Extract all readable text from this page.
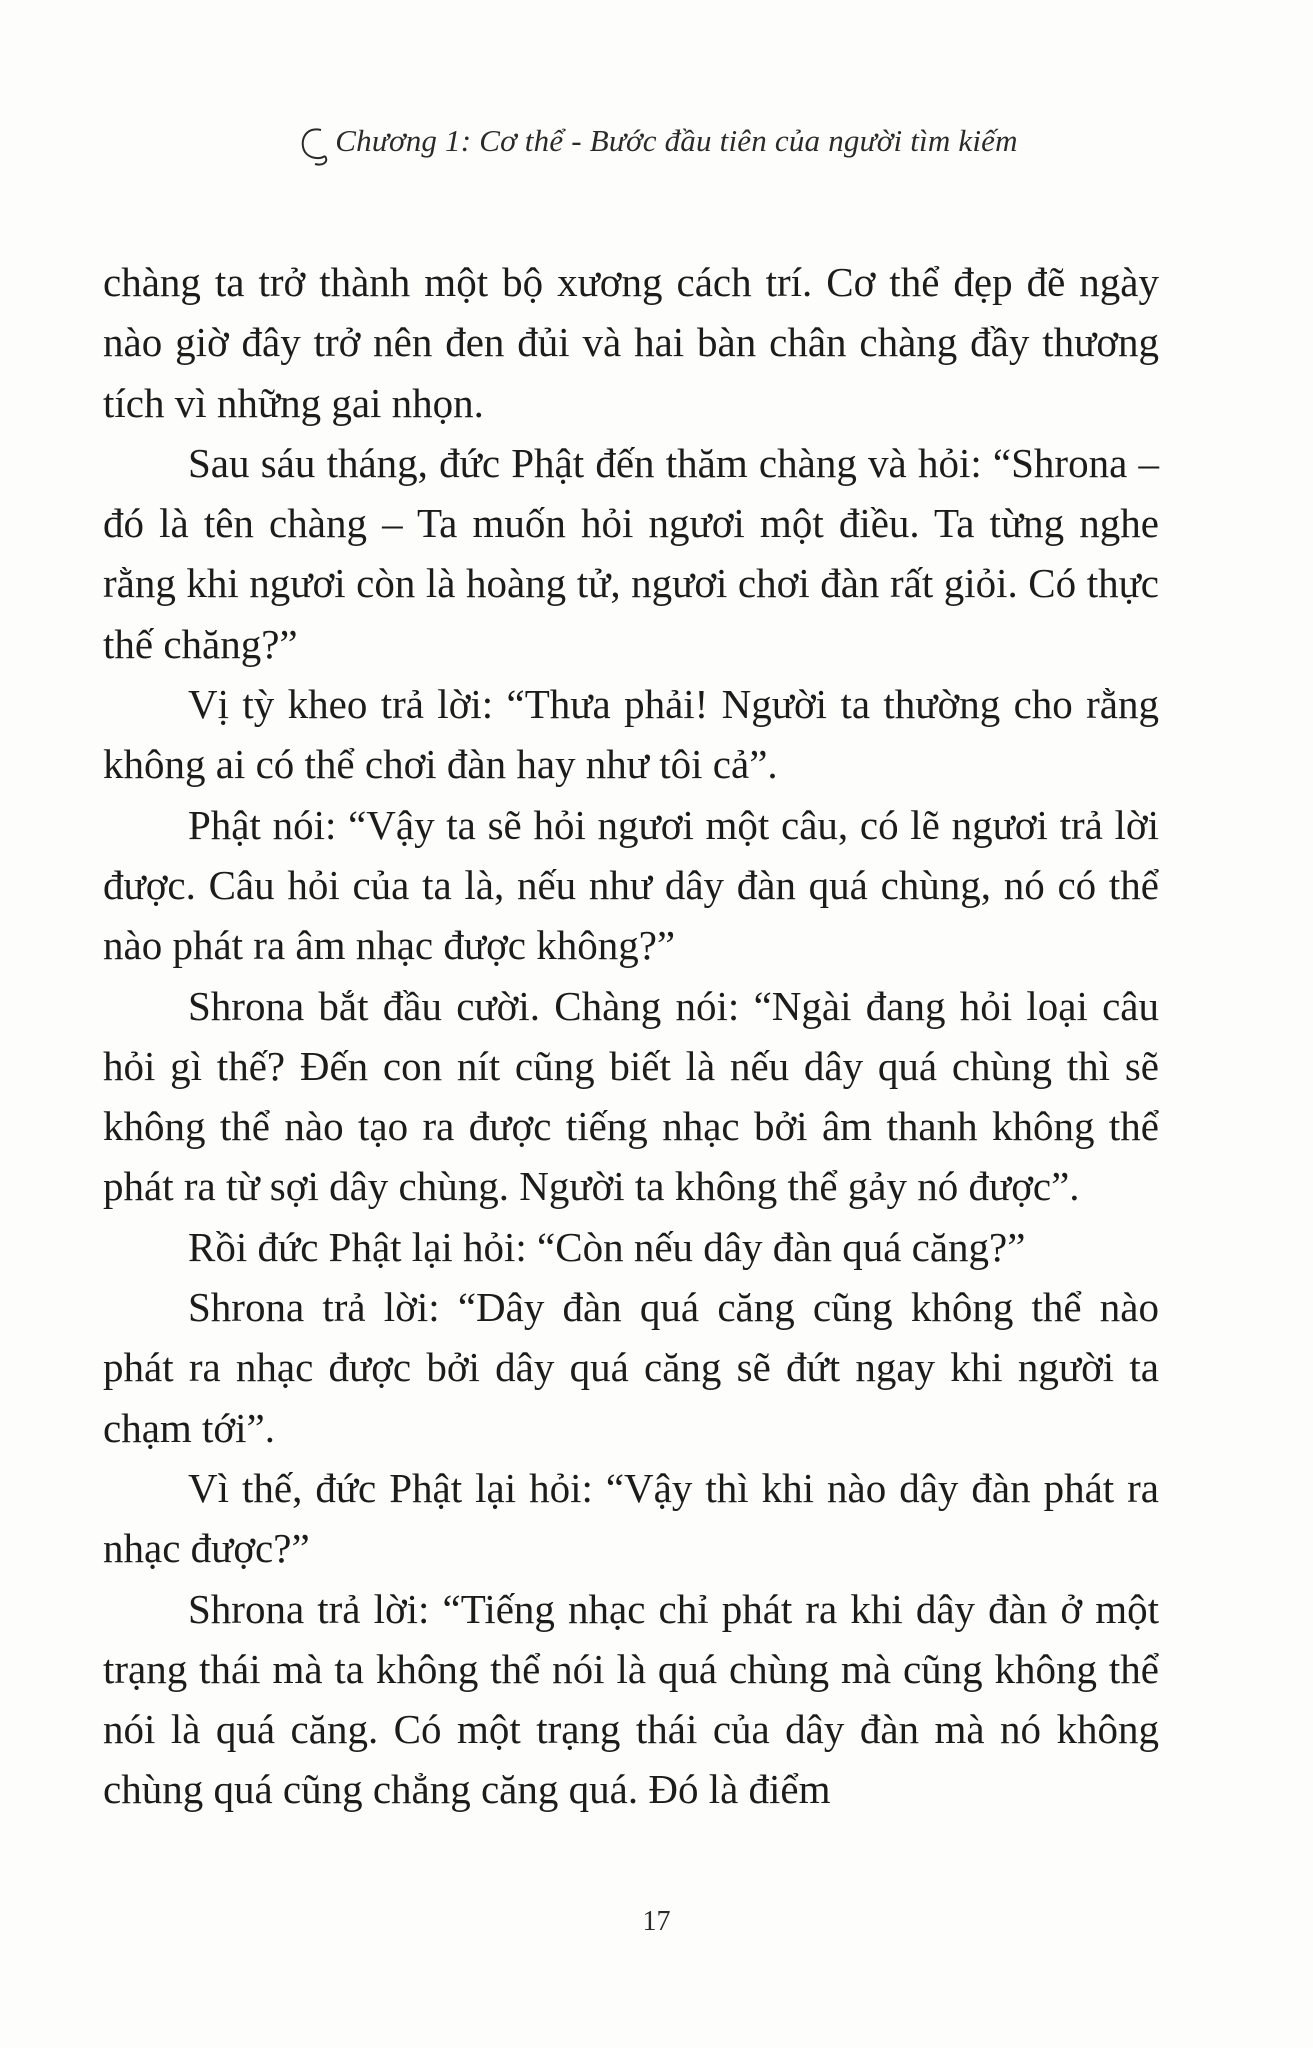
Chương 1: Cơ thể - Bước đầu tiên của người tìm kiếm

chàng ta trở thành một bộ xương cách trí. Cơ thể đẹp đẽ ngày nào giờ đây trở nên đen đủi và hai bàn chân chàng đầy thương tích vì những gai nhọn.

Sau sáu tháng, đức Phật đến thăm chàng và hỏi: “Shrona – đó là tên chàng – Ta muốn hỏi ngươi một điều. Ta từng nghe rằng khi ngươi còn là hoàng tử, ngươi chơi đàn rất giỏi. Có thực thế chăng?”

Vị tỳ kheo trả lời: “Thưa phải! Người ta thường cho rằng không ai có thể chơi đàn hay như tôi cả”.

Phật nói: “Vậy ta sẽ hỏi ngươi một câu, có lẽ ngươi trả lời được. Câu hỏi của ta là, nếu như dây đàn quá chùng, nó có thể nào phát ra âm nhạc được không?”

Shrona bắt đầu cười. Chàng nói: “Ngài đang hỏi loại câu hỏi gì thế? Đến con nít cũng biết là nếu dây quá chùng thì sẽ không thể nào tạo ra được tiếng nhạc bởi âm thanh không thể phát ra từ sợi dây chùng. Người ta không thể gảy nó được”.

Rồi đức Phật lại hỏi: “Còn nếu dây đàn quá căng?”

Shrona trả lời: “Dây đàn quá căng cũng không thể nào phát ra nhạc được bởi dây quá căng sẽ đứt ngay khi người ta chạm tới”.

Vì thế, đức Phật lại hỏi: “Vậy thì khi nào dây đàn phát ra nhạc được?”

Shrona trả lời: “Tiếng nhạc chỉ phát ra khi dây đàn ở một trạng thái mà ta không thể nói là quá chùng mà cũng không thể nói là quá căng. Có một trạng thái của dây đàn mà nó không chùng quá cũng chẳng căng quá. Đó là điểm

17
